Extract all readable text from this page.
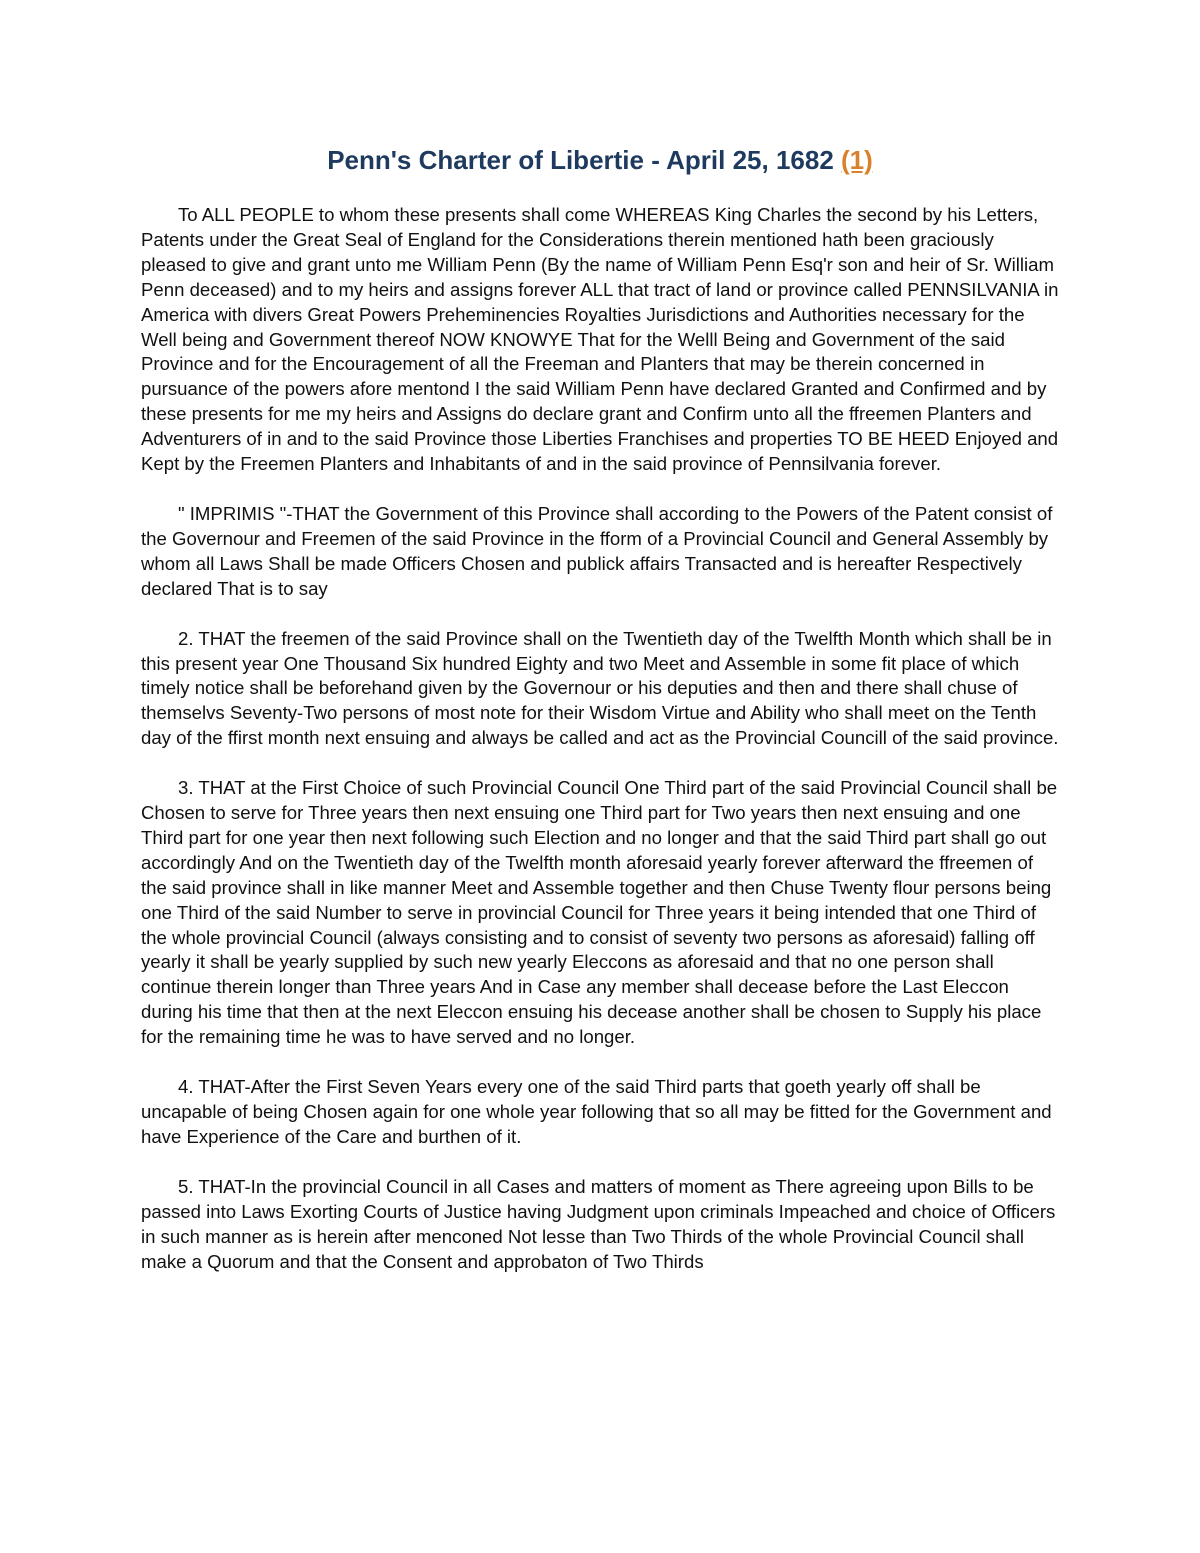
Penn's Charter of Libertie - April 25, 1682 (1)

To ALL PEOPLE to whom these presents shall come WHEREAS King Charles the second by his Letters, Patents under the Great Seal of England for the Considerations therein mentioned hath been graciously pleased to give and grant unto me William Penn (By the name of William Penn Esq'r son and heir of Sr. William Penn deceased) and to my heirs and assigns forever ALL that tract of land or province called PENNSILVANIA in America with divers Great Powers Preheminencies Royalties Jurisdictions and Authorities necessary for the Well being and Government thereof NOW KNOWYE That for the Welll Being and Government of the said Province and for the Encouragement of all the Freeman and Planters that may be therein concerned in pursuance of the powers afore mentond I the said William Penn have declared Granted and Confirmed and by these presents for me my heirs and Assigns do declare grant and Confirm unto all the ffreemen Planters and Adventurers of in and to the said Province those Liberties Franchises and properties TO BE HEED Enjoyed and Kept by the Freemen Planters and Inhabitants of and in the said province of Pennsilvania forever.

" IMPRIMIS "-THAT the Government of this Province shall according to the Powers of the Patent consist of the Governour and Freemen of the said Province in the fform of a Provincial Council and General Assembly by whom all Laws Shall be made Officers Chosen and publick affairs Transacted and is hereafter Respectively declared That is to say

2. THAT the freemen of the said Province shall on the Twentieth day of the Twelfth Month which shall be in this present year One Thousand Six hundred Eighty and two Meet and Assemble in some fit place of which timely notice shall be beforehand given by the Governour or his deputies and then and there shall chuse of themselvs Seventy-Two persons of most note for their Wisdom Virtue and Ability who shall meet on the Tenth day of the ffirst month next ensuing and always be called and act as the Provincial Councill of the said province.

3. THAT at the First Choice of such Provincial Council One Third part of the said Provincial Council shall be Chosen to serve for Three years then next ensuing one Third part for Two years then next ensuing and one Third part for one year then next following such Election and no longer and that the said Third part shall go out accordingly And on the Twentieth day of the Twelfth month aforesaid yearly forever afterward the ffreemen of the said province shall in like manner Meet and Assemble together and then Chuse Twenty flour persons being one Third of the said Number to serve in provincial Council for Three years it being intended that one Third of the whole provincial Council (always consisting and to consist of seventy two persons as aforesaid) falling off yearly it shall be yearly supplied by such new yearly Eleccons as aforesaid and that no one person shall continue therein longer than Three years And in Case any member shall decease before the Last Eleccon during his time that then at the next Eleccon ensuing his decease another shall be chosen to Supply his place for the remaining time he was to have served and no longer.

4. THAT-After the First Seven Years every one of the said Third parts that goeth yearly off shall be uncapable of being Chosen again for one whole year following that so all may be fitted for the Government and have Experience of the Care and burthen of it.

5. THAT-In the provincial Council in all Cases and matters of moment as There agreeing upon Bills to be passed into Laws Exorting Courts of Justice having Judgment upon criminals Impeached and choice of Officers in such manner as is herein after menconed Not lesse than Two Thirds of the whole Provincial Council shall make a Quorum and that the Consent and approbaton of Two Thirds
